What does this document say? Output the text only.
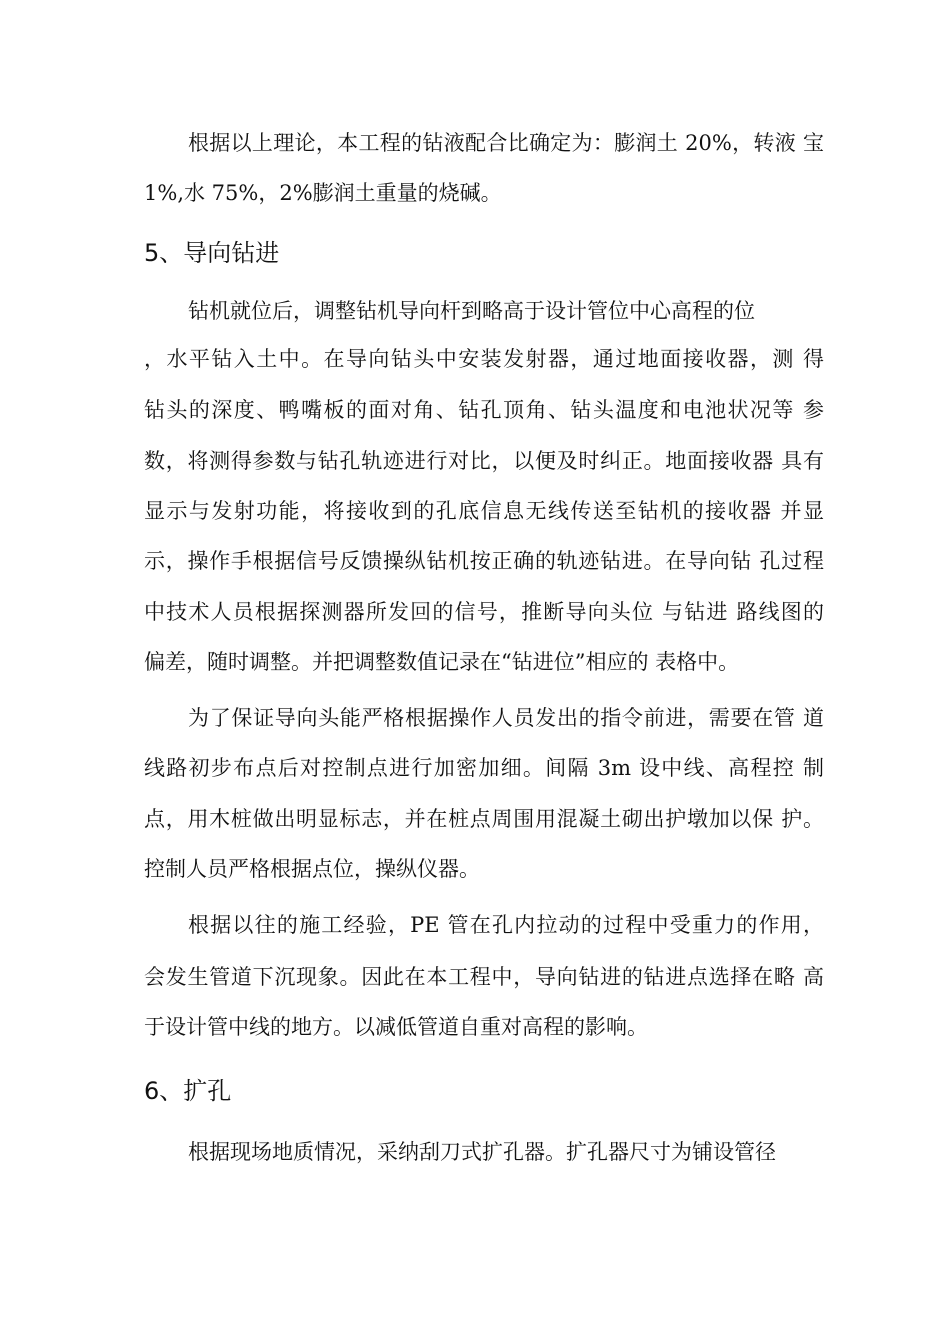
根据以上理论，本工程的钻液配合比确定为：膨润土 20%，转液 宝
1%,水 75%，2%膨润土重量的烧碱。
5、导向钻进
钻机就位后，调整钻机导向杆到略高于设计管位中心高程的位
，水平钻入土中。在导向钻头中安装发射器，通过地面接收器，测 得
钻头的深度、鸭嘴板的面对角、钻孔顶角、钻头温度和电池状况等 参
数，将测得参数与钻孔轨迹进行对比，以便及时纠正。地面接收器 具有
显示与发射功能，将接收到的孔底信息无线传送至钻机的接收器 并显
示，操作手根据信号反馈操纵钻机按正确的轨迹钻进。在导向钻 孔过程
中技术人员根据探测器所发回的信号，推断导向头位 与钻进 路线图的
偏差，随时调整。并把调整数值记录在“钻进位”相应的 表格中。
为了保证导向头能严格根据操作人员发出的指令前进，需要在管 道
线路初步布点后对控制点进行加密加细。间隔 3m 设中线、高程控 制
点，用木桩做出明显标志，并在桩点周围用混凝土砌出护墩加以保 护。
控制人员严格根据点位，操纵仪器。
根据以往的施工经验，PE 管在孔内拉动的过程中受重力的作用，
会发生管道下沉现象。因此在本工程中，导向钻进的钻进点选择在略 高
于设计管中线的地方。以减低管道自重对高程的影响。
6、扩孔
根据现场地质情况，采纳刮刀式扩孔器。扩孔器尺寸为铺设管径
